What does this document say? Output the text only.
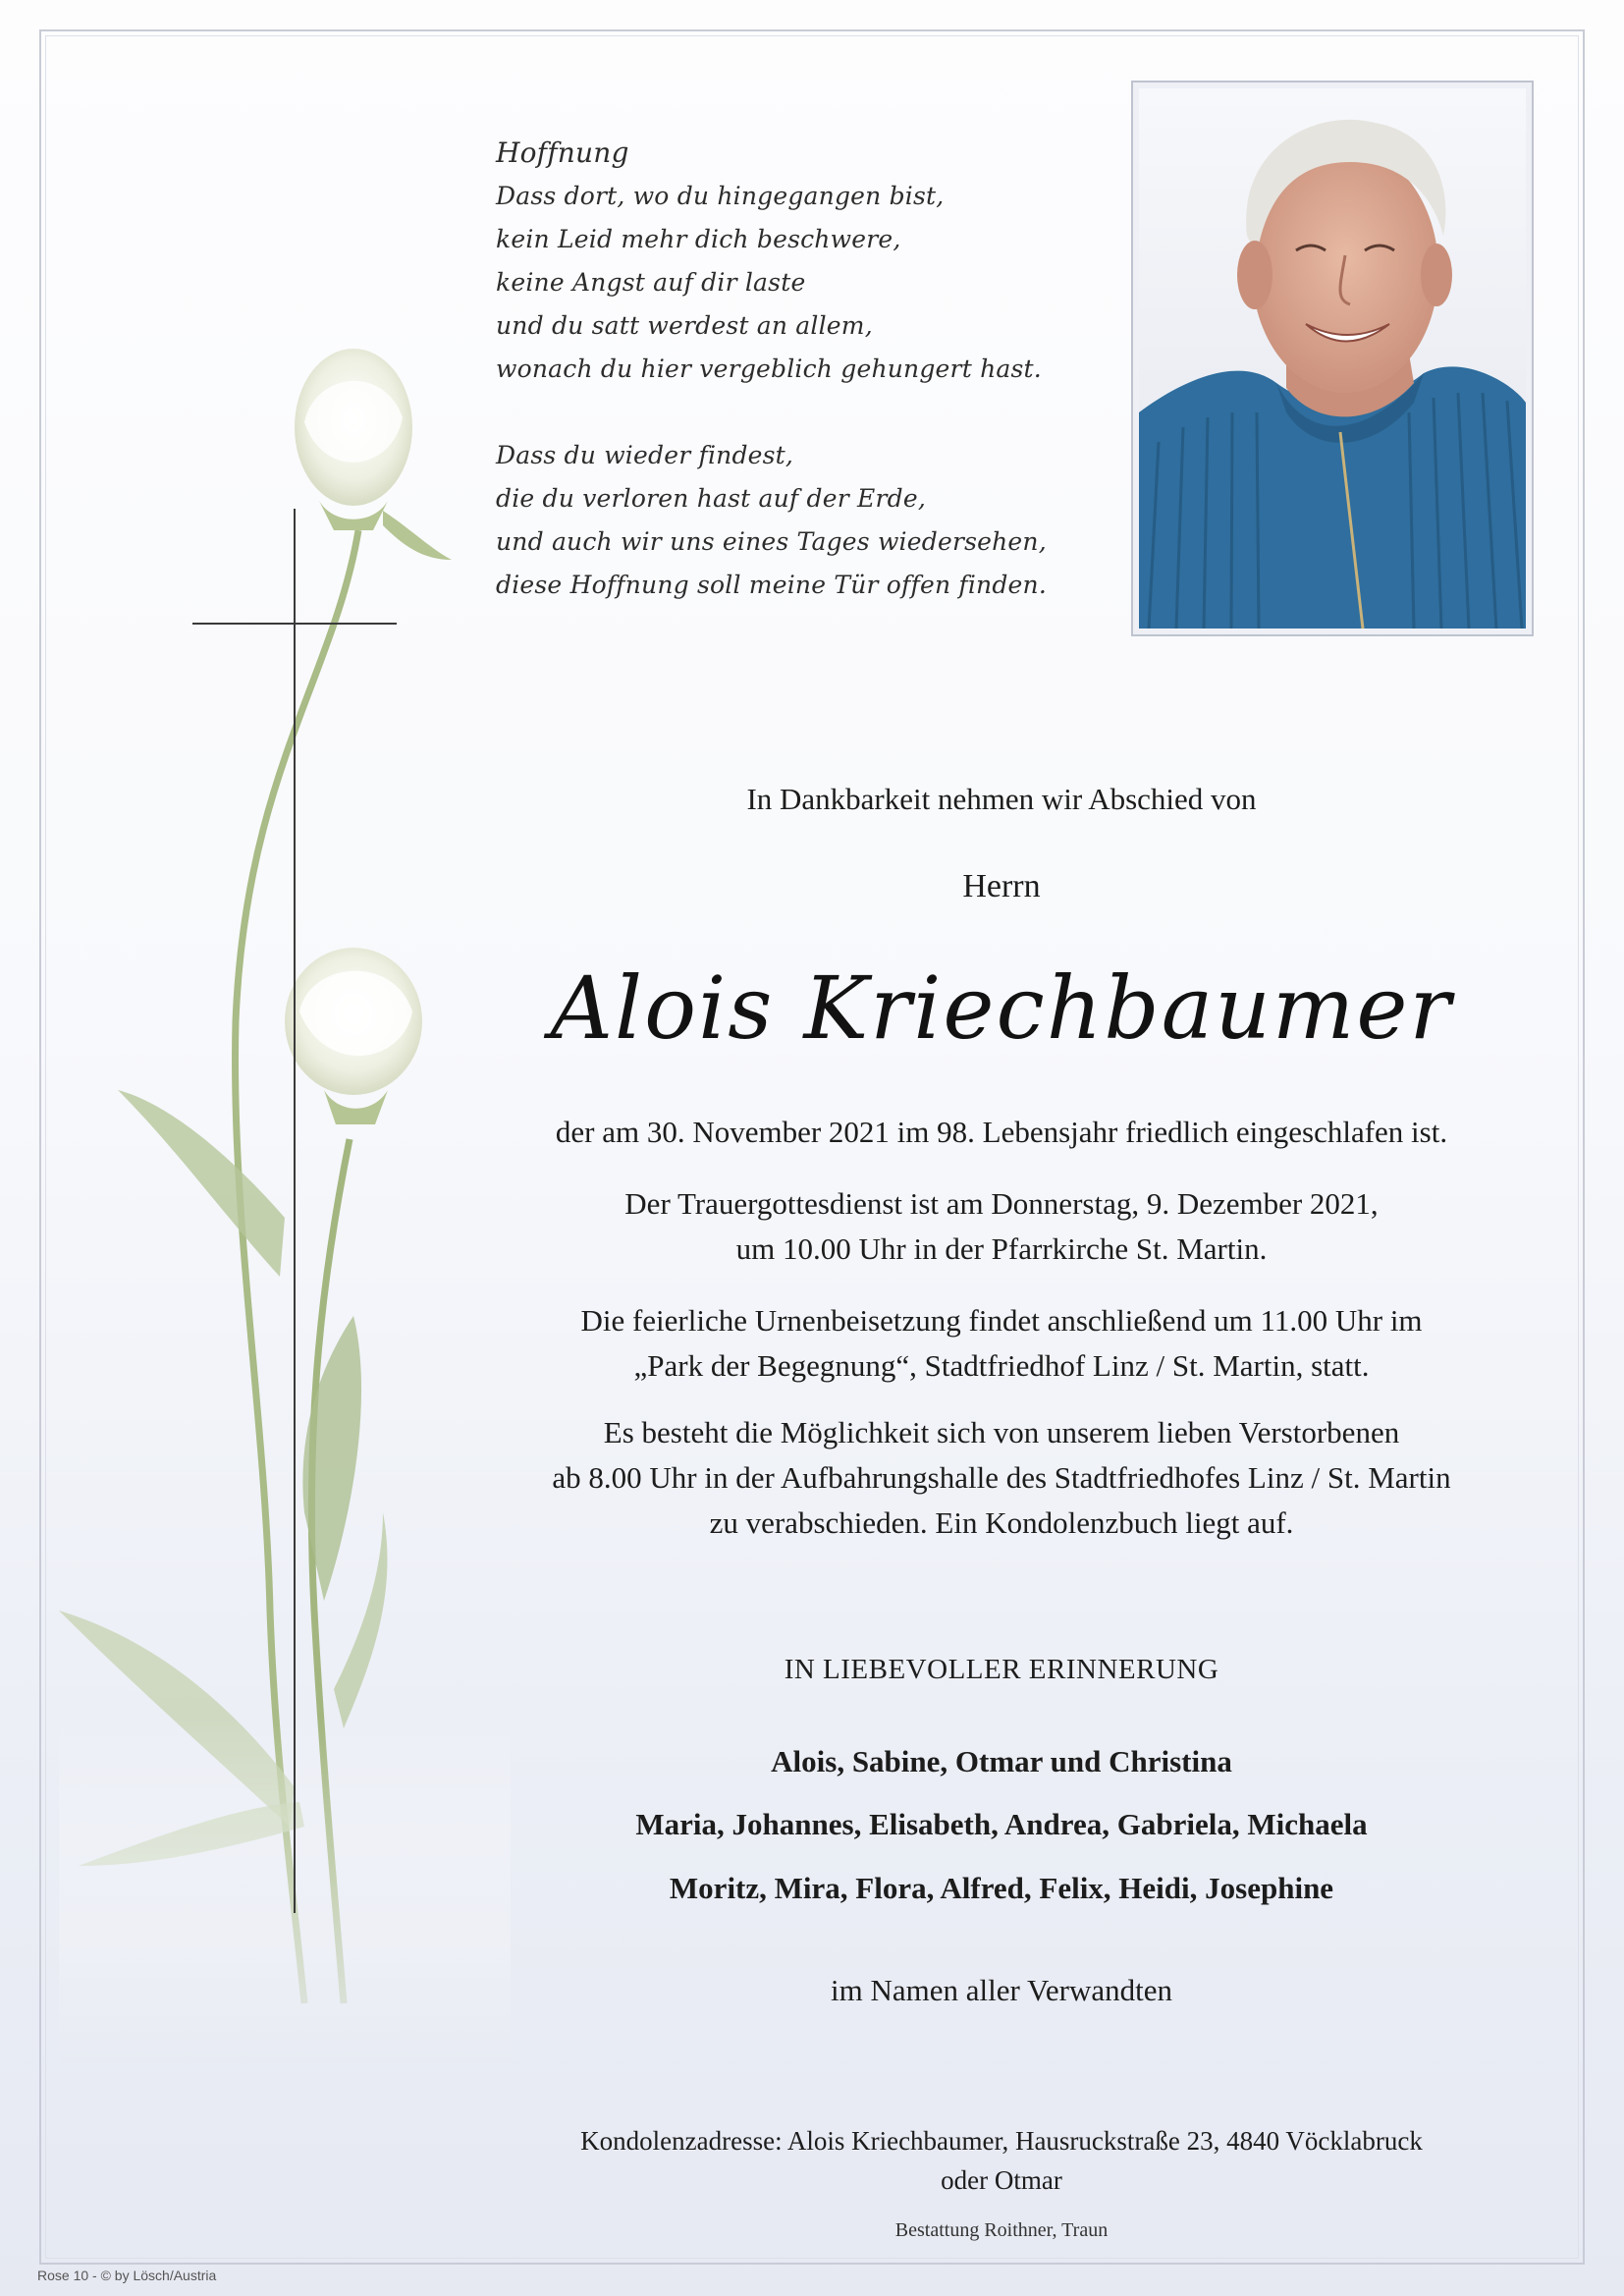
Hoffnung
Dass dort, wo du hingegangen bist,
kein Leid mehr dich beschwere,
keine Angst auf dir laste
und du satt werdest an allem,
wonach du hier vergeblich gehungert hast.
Dass du wieder findest,
die du verloren hast auf der Erde,
und auch wir uns eines Tages wiedersehen,
diese Hoffnung soll meine Tür offen finden.
In Dankbarkeit nehmen wir Abschied von
Herrn
Alois Kriechbaumer
der am 30. November 2021 im 98. Lebensjahr friedlich eingeschlafen ist.
Der Trauergottesdienst ist am Donnerstag, 9. Dezember 2021,
um 10.00 Uhr in der Pfarrkirche St. Martin.
Die feierliche Urnenbeisetzung findet anschließend um 11.00 Uhr im
„Park der Begegnung“, Stadtfriedhof Linz / St. Martin, statt.
Es besteht die Möglichkeit sich von unserem lieben Verstorbenen
ab 8.00 Uhr in der Aufbahrungshalle des Stadtfriedhofes Linz / St. Martin
zu verabschieden. Ein Kondolenzbuch liegt auf.
IN LIEBEVOLLER ERINNERUNG
Alois, Sabine, Otmar und Christina
Maria, Johannes, Elisabeth, Andrea, Gabriela, Michaela
Moritz, Mira, Flora, Alfred, Felix, Heidi, Josephine
im Namen aller Verwandten
Kondolenzadresse: Alois Kriechbaumer, Hausruckstraße 23, 4840 Vöcklabruck
oder Otmar
Bestattung Roithner, Traun
Rose 10 - © by Lösch/Austria
